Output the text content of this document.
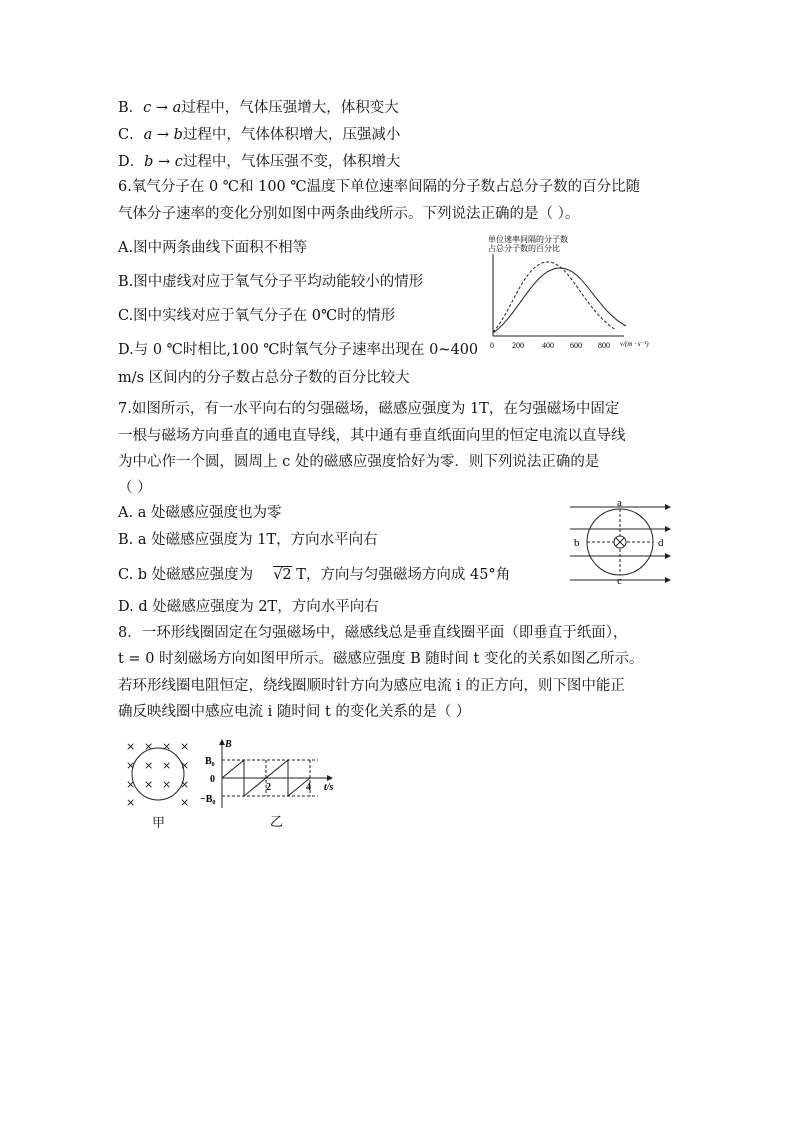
B．c → a过程中，气体压强增大，体积变大
C．a → b过程中，气体体积增大，压强减小
D．b → c过程中，气体压强不变，体积增大
6.氧气分子在 0 ℃和 100 ℃温度下单位速率间隔的分子数占总分子数的百分比随
气体分子速率的变化分别如图中两条曲线所示。下列说法正确的是（ ）。
A.图中两条曲线下面积不相等
B.图中虚线对应于氧气分子平均动能较小的情形
C.图中实线对应于氧气分子在 0℃时的情形
D.与 0 ℃时相比,100 ℃时氧气分子速率出现在 0~400
m/s 区间内的分子数占总分子数的百分比较大
单位速率间隔的分子数
占总分子数的百分比
0 200 400 600 800 v/(m · s⁻¹)
7.如图所示，有一水平向右的匀强磁场，磁感应强度为 1T，在匀强磁场中固定
一根与磁场方向垂直的通电直导线，其中通有垂直纸面向里的恒定电流以直导线
为中心作一个圆，圆周上 c 处的磁感应强度恰好为零．则下列说法正确的是
（ ）
A. a 处磁感应强度也为零
B. a 处磁感应强度为 1T，方向水平向右
C. b 处磁感应强度为 √2 T，方向与匀强磁场方向成 45°角
D. d 处磁感应强度为 2T，方向水平向右
a
b	d
c
8．一环形线圈固定在匀强磁场中，磁感线总是垂直线圈平面（即垂直于纸面），
t = 0 时刻磁场方向如图甲所示。磁感应强度 B 随时间 t 变化的关系如图乙所示。
若环形线圈电阻恒定，绕线圈顺时针方向为感应电流 i 的正方向，则下图中能正
确反映线圈中感应电流 i 随时间 t 的变化关系的是（ ）
× × × ×
× × × ×
× × × ×
×	×
甲
B
B₀
0
−B₀
2	4 t/s
乙
